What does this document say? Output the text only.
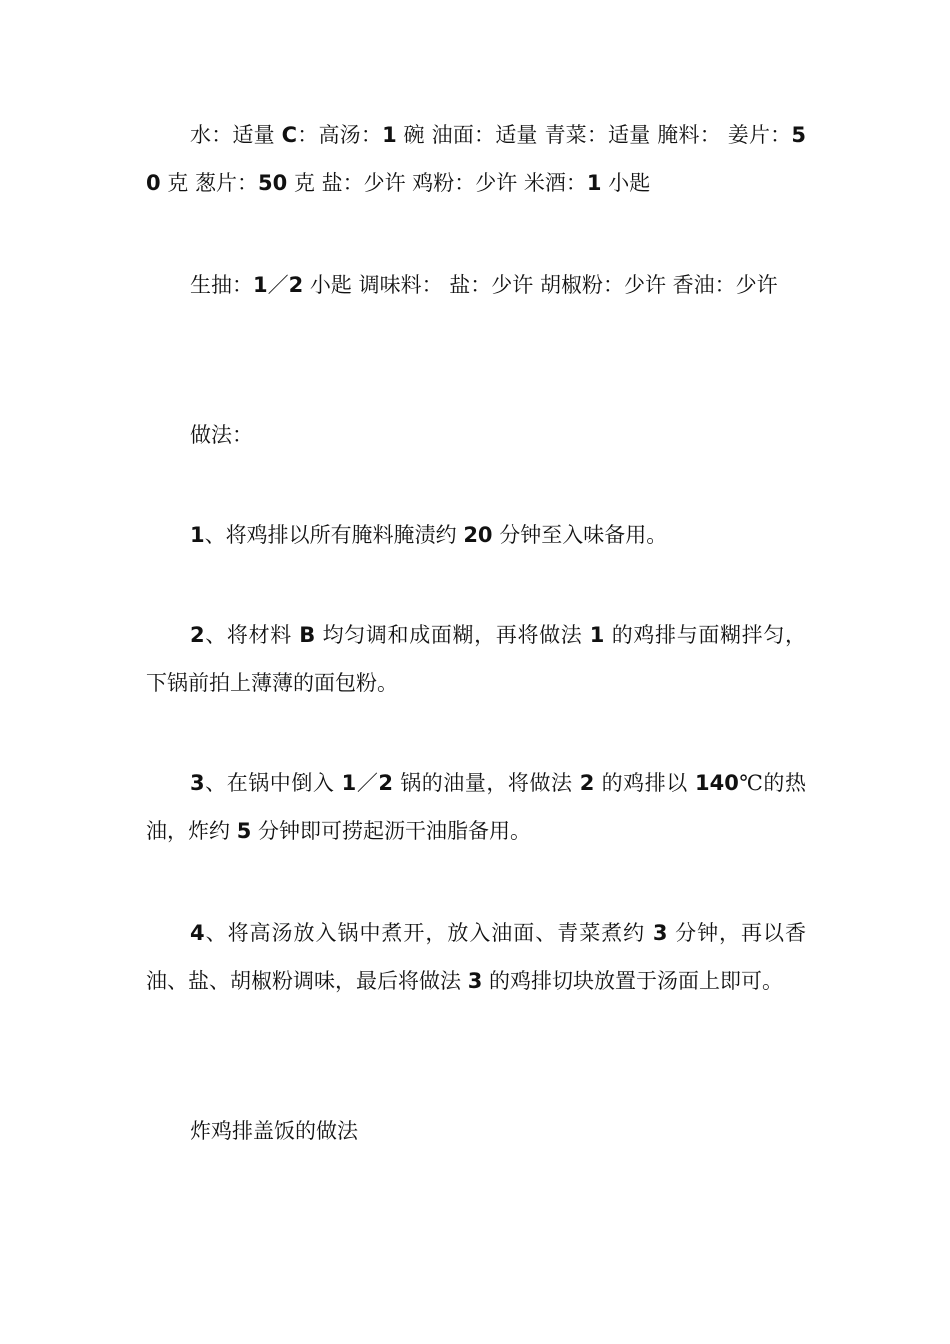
水：适量 C：高汤：1 碗 油面：适量 青菜：适量 腌料： 姜片：50 克 葱片：50 克 盐：少许 鸡粉：少许 米酒：1 小匙

生抽：1／2 小匙 调味料： 盐：少许 胡椒粉：少许 香油：少许

做法：

1、将鸡排以所有腌料腌渍约 20 分钟至入味备用。

2、将材料 B 均匀调和成面糊，再将做法 1 的鸡排与面糊拌匀，下锅前拍上薄薄的面包粉。

3、在锅中倒入 1／2 锅的油量，将做法 2 的鸡排以 140℃的热油，炸约 5 分钟即可捞起沥干油脂备用。

4、将高汤放入锅中煮开，放入油面、青菜煮约 3 分钟，再以香油、盐、胡椒粉调味，最后将做法 3 的鸡排切块放置于汤面上即可。

炸鸡排盖饭的做法
